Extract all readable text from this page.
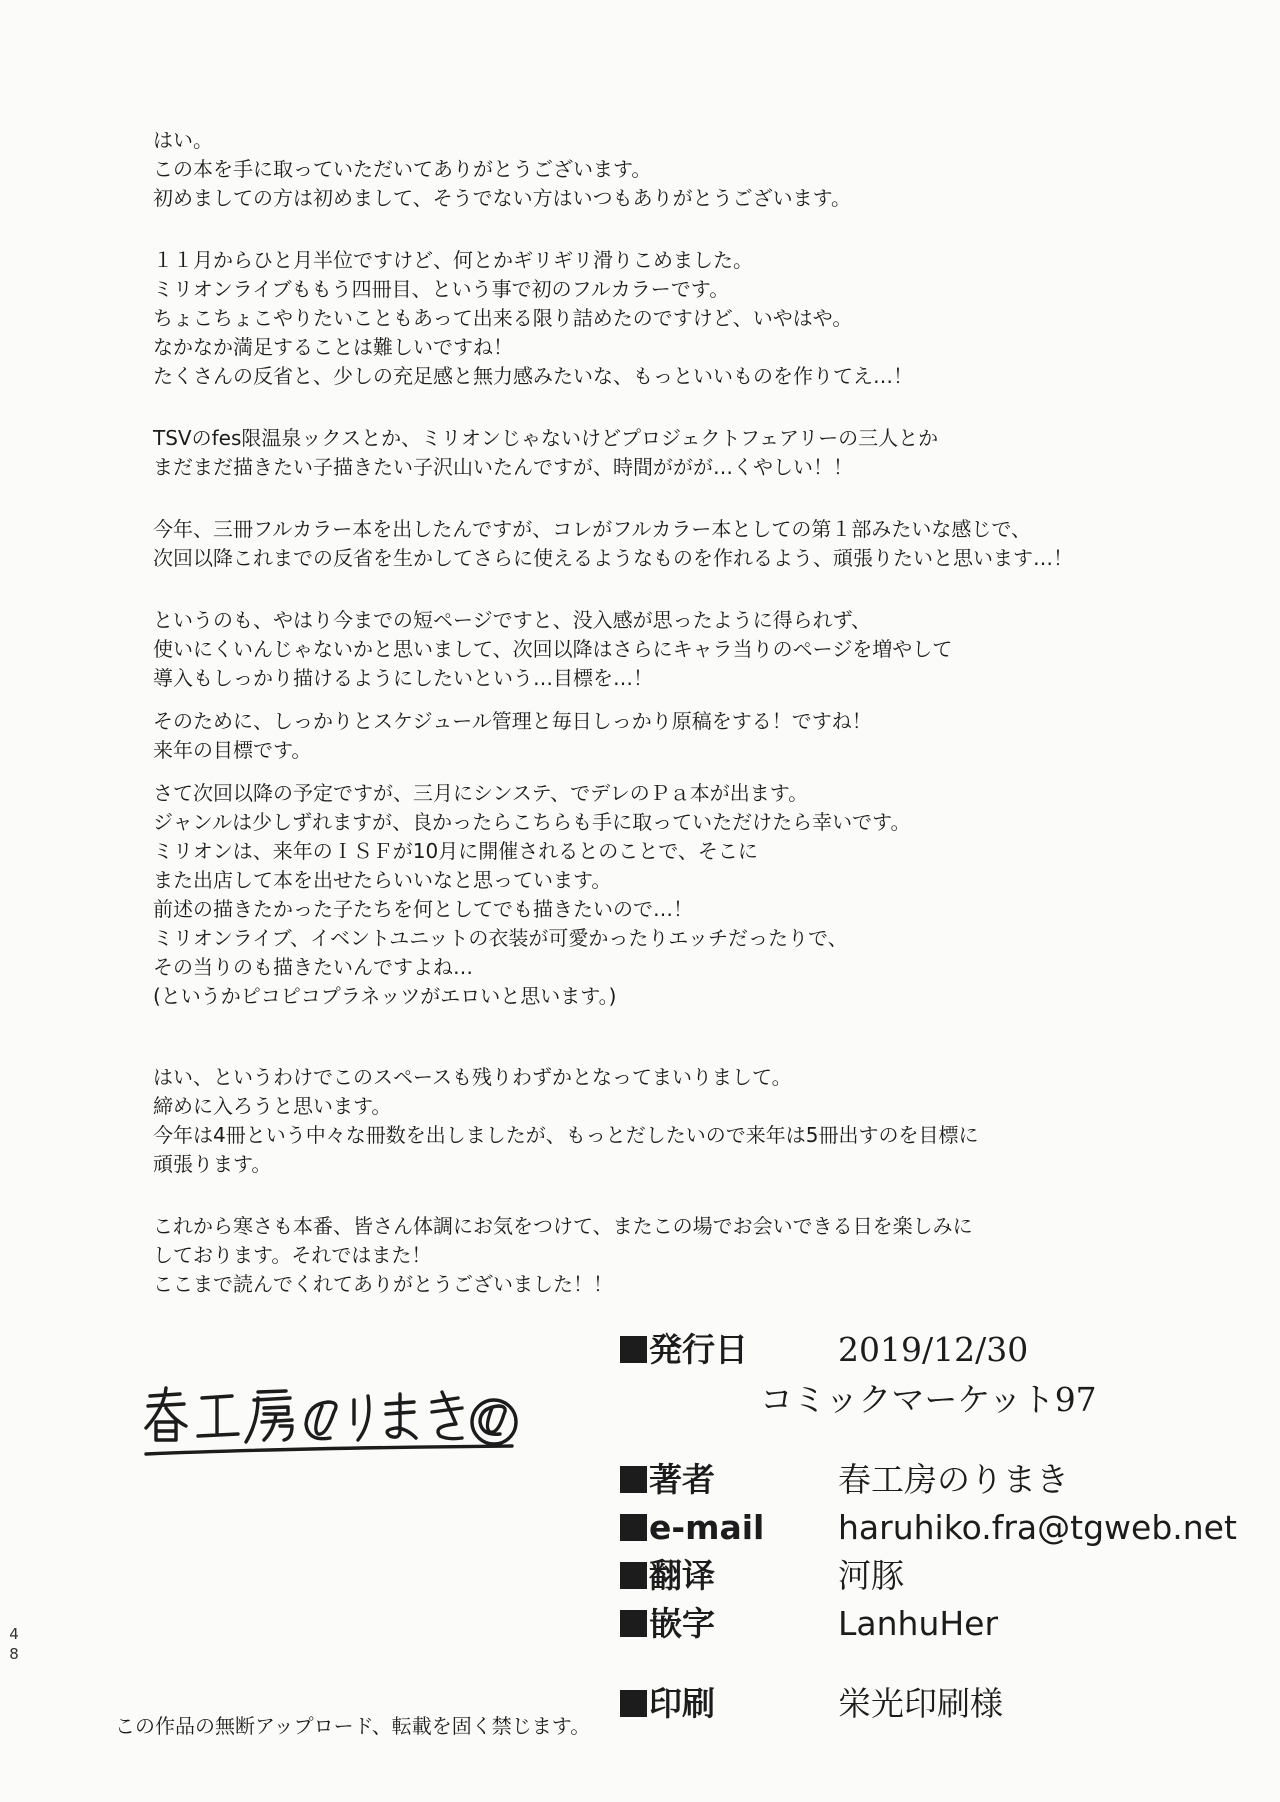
はい。

この本を手に取っていただいてありがとうございます。

初めましての方は初めまして、そうでない方はいつもありがとうございます。

１１月からひと月半位ですけど、何とかギリギリ滑りこめました。

ミリオンライブももう四冊目、という事で初のフルカラーです。

ちょこちょこやりたいこともあって出来る限り詰めたのですけど、いやはや。

なかなか満足することは難しいですね！

たくさんの反省と、少しの充足感と無力感みたいな、もっといいものを作りてえ…！

TSVのfes限温泉ックスとか、ミリオンじゃないけどプロジェクトフェアリーの三人とか

まだまだ描きたい子描きたい子沢山いたんですが、時間ががが…くやしい！！

今年、三冊フルカラー本を出したんですが、コレがフルカラー本としての第１部みたいな感じで、

次回以降これまでの反省を生かしてさらに使えるようなものを作れるよう、頑張りたいと思います…！

というのも、やはり今までの短ページですと、没入感が思ったように得られず、

使いにくいんじゃないかと思いまして、次回以降はさらにキャラ当りのページを増やして

導入もしっかり描けるようにしたいという…目標を…！

そのために、しっかりとスケジュール管理と毎日しっかり原稿をする！ですね！

来年の目標です。

さて次回以降の予定ですが、三月にシンステ、でデレのＰａ本が出ます。

ジャンルは少しずれますが、良かったらこちらも手に取っていただけたら幸いです。

ミリオンは、来年のＩＳＦが10月に開催されるとのことで、そこに

また出店して本を出せたらいいなと思っています。

前述の描きたかった子たちを何としてでも描きたいので…！

ミリオンライブ、イベントユニットの衣装が可愛かったりエッチだったりで、

その当りのも描きたいんですよね…

(というかピコピコプラネッツがエロいと思います。)

はい、というわけでこのスペースも残りわずかとなってまいりまして。

締めに入ろうと思います。

今年は4冊という中々な冊数を出しましたが、もっとだしたいので来年は5冊出すのを目標に

頑張ります。

これから寒さも本番、皆さん体調にお気をつけて、またこの場でお会いできる日を楽しみに

しております。それではまた！

ここまで読んでくれてありがとうございました！！

発行日	2019/12/30
コミックマーケット97
著者	春工房のりまき
e-mail haruhiko.fra@tgweb.net
翻译	河豚
嵌字	LanhuHer
印刷	栄光印刷様
4
8
この作品の無断アップロード、転載を固く禁じます。
